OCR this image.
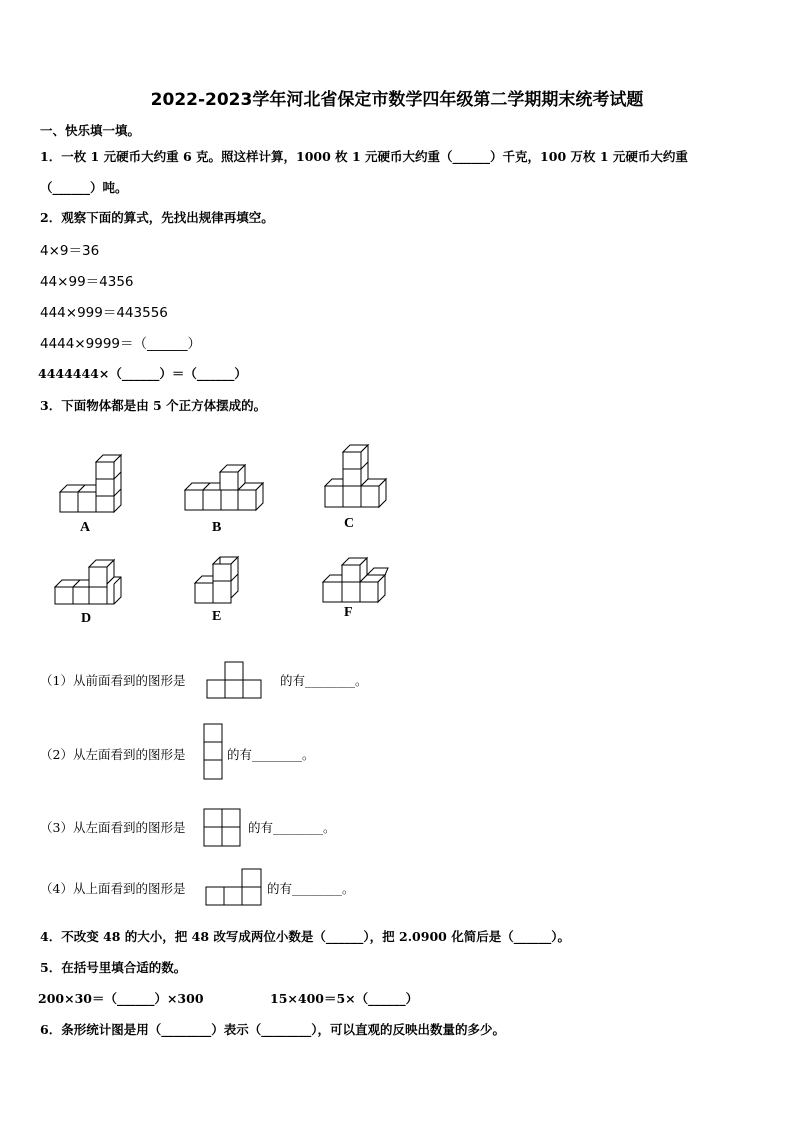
2022-2023学年河北省保定市数学四年级第二学期期末统考试题
一、快乐填一填。
1．一枚 1 元硬币大约重 6 克。照这样计算，1000 枚 1 元硬币大约重（______）千克，100 万枚 1 元硬币大约重
（______）吨。
2．观察下面的算式，先找出规律再填空。
4×9＝36
44×99＝4356
444×999＝443556
4444×9999＝（______）
4444444×（______）＝（______）
3．下面物体都是由 5 个正方体摆成的。
A	B	C
D	E	F
（1）从前面看到的图形是	的有________。
（2）从左面看到的图形是	的有________。
（3）从左面看到的图形是	的有________。
（4）从上面看到的图形是	的有________。
4．不改变 48 的大小，把 48 改写成两位小数是（______），把 2.0900 化简后是（______）。
5．在括号里填合适的数。
200×30＝（______）×300	15×400＝5×（______）
6．条形统计图是用（________）表示（________），可以直观的反映出数量的多少。
